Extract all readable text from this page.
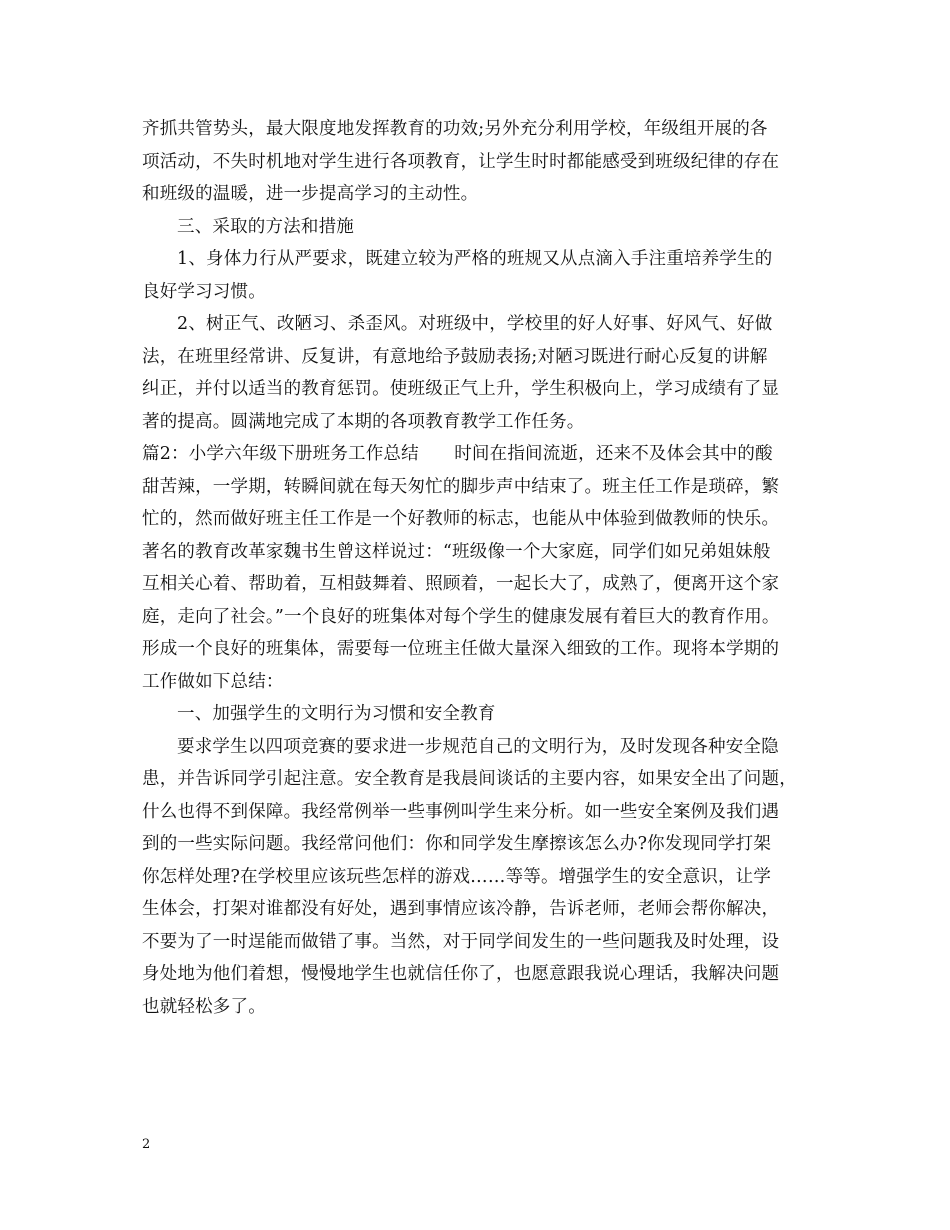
齐抓共管势头，最大限度地发挥教育的功效;另外充分利用学校，年级组开展的各
项活动，不失时机地对学生进行各项教育，让学生时时都能感受到班级纪律的存在
和班级的温暖，进一步提高学习的主动性。
三、采取的方法和措施
1、身体力行从严要求，既建立较为严格的班规又从点滴入手注重培养学生的
良好学习习惯。
2、树正气、改陋习、杀歪风。对班级中，学校里的好人好事、好风气、好做
法，在班里经常讲、反复讲，有意地给予鼓励表扬;对陋习既进行耐心反复的讲解
纠正，并付以适当的教育惩罚。使班级正气上升，学生积极向上，学习成绩有了显
著的提高。圆满地完成了本期的各项教育教学工作任务。
篇2：小学六年级下册班务工作总结　　时间在指间流逝，还来不及体会其中的酸
甜苦辣，一学期，转瞬间就在每天匆忙的脚步声中结束了。班主任工作是琐碎，繁
忙的，然而做好班主任工作是一个好教师的标志，也能从中体验到做教师的快乐。
著名的教育改革家魏书生曾这样说过：“班级像一个大家庭，同学们如兄弟姐妹般
互相关心着、帮助着，互相鼓舞着、照顾着，一起长大了，成熟了，便离开这个家
庭，走向了社会。”一个良好的班集体对每个学生的健康发展有着巨大的教育作用。
形成一个良好的班集体，需要每一位班主任做大量深入细致的工作。现将本学期的
工作做如下总结：
一、加强学生的文明行为习惯和安全教育
要求学生以四项竞赛的要求进一步规范自己的文明行为，及时发现各种安全隐
患，并告诉同学引起注意。安全教育是我晨间谈话的主要内容，如果安全出了问题，
什么也得不到保障。我经常例举一些事例叫学生来分析。如一些安全案例及我们遇
到的一些实际问题。我经常问他们：你和同学发生摩擦该怎么办?你发现同学打架
你怎样处理?在学校里应该玩些怎样的游戏……等等。增强学生的安全意识，让学
生体会，打架对谁都没有好处，遇到事情应该冷静，告诉老师，老师会帮你解决，
不要为了一时逞能而做错了事。当然，对于同学间发生的一些问题我及时处理，设
身处地为他们着想，慢慢地学生也就信任你了，也愿意跟我说心理话，我解决问题
也就轻松多了。
2
